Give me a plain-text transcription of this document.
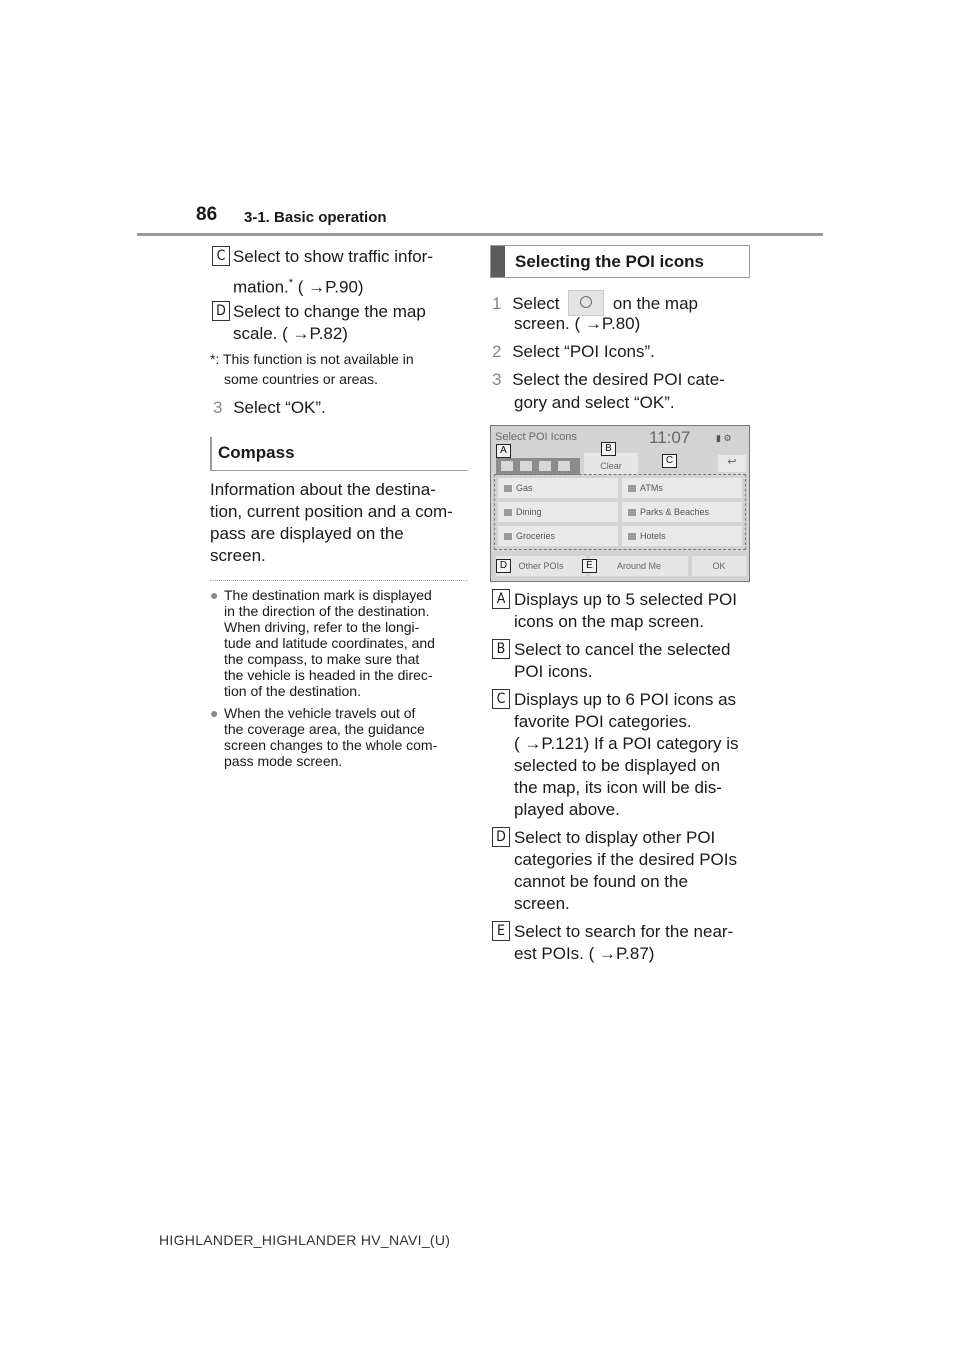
86 3-1. Basic operation
C Select to show traffic infor-
mation.* ( →P.90)
D Select to change the map
scale. ( →P.82)
*: This function is not available in
some countries or areas.
3 Select “OK”.
Compass
Information about the destina-
tion, current position and a com-
pass are displayed on the
screen.
● The destination mark is displayed
in the direction of the destination.
When driving, refer to the longi-
tude and latitude coordinates, and
the compass, to make sure that
the vehicle is headed in the direc-
tion of the destination.
● When the vehicle travels out of
the coverage area, the guidance
screen changes to the whole com-
pass mode screen.
Selecting the POI icons
1 Select	on the map
screen. ( →P.80)
2 Select “POI Icons”.
3 Select the desired POI cate-
gory and select “OK”.
Select POI Icons	11:07	▮ ⚙
Clear	↩
Gas	ATMs
Dining	Parks & Beaches
Groceries	Hotels
Other POIs	Around Me	OK
A	B
C
D	E
A Displays up to 5 selected POI
icons on the map screen.
B Select to cancel the selected
POI icons.
C Displays up to 6 POI icons as
favorite POI categories.
( →P.121) If a POI category is
selected to be displayed on
the map, its icon will be dis-
played above.
D Select to display other POI
categories if the desired POIs
cannot be found on the
screen.
E Select to search for the near-
est POIs. ( →P.87)
HIGHLANDER_HIGHLANDER HV_NAVI_(U)
